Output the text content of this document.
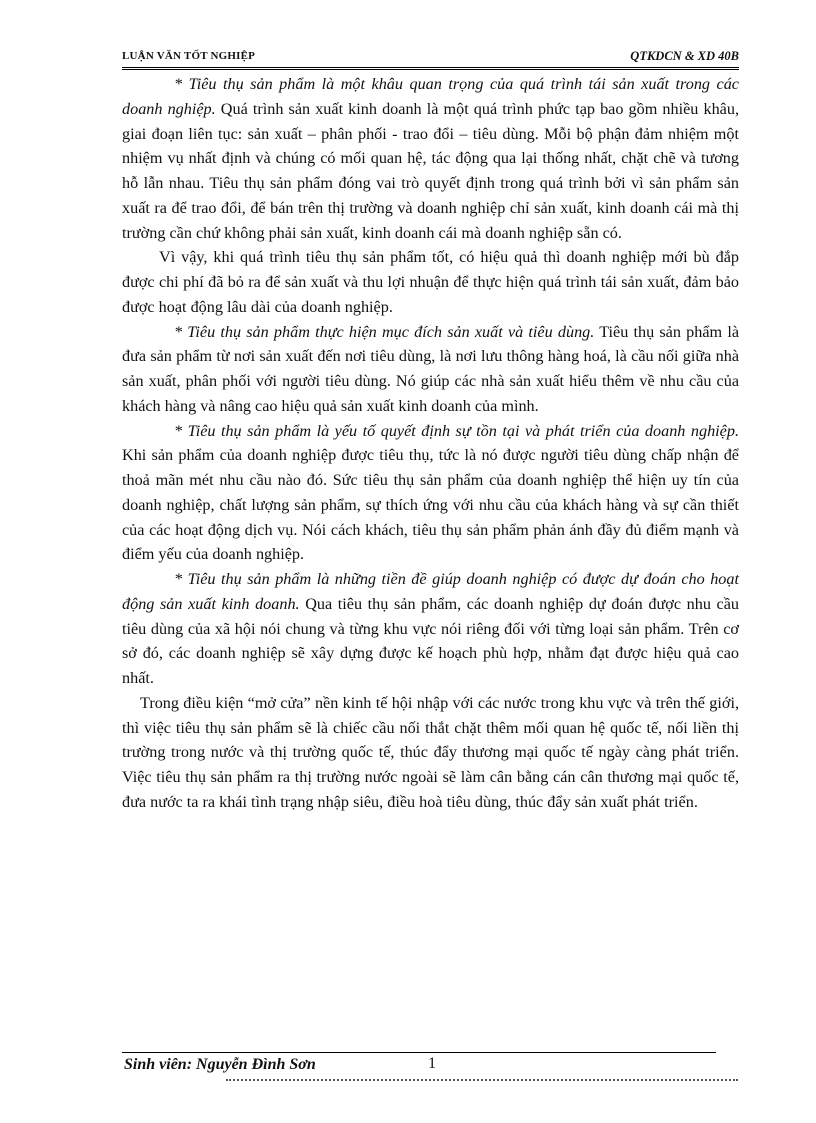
LUẬN VĂN TỐT NGHIỆP	QTKDCN & XD 40B

* Tiêu thụ sản phẩm là một khâu quan trọng của quá trình tái sản xuất trong các doanh nghiệp. Quá trình sản xuất kinh doanh là một quá trình phức tạp bao gồm nhiều khâu, giai đoạn liên tục: sản xuất – phân phối - trao đổi – tiêu dùng. Mỗi bộ phận đảm nhiệm một nhiệm vụ nhất định và chúng có mối quan hệ, tác động qua lại thống nhất, chặt chẽ và tương hỗ lẫn nhau. Tiêu thụ sản phẩm đóng vai trò quyết định trong quá trình bởi vì sản phẩm sản xuất ra để trao đổi, để bán trên thị trường và doanh nghiệp chỉ sản xuất, kinh doanh cái mà thị trường cần chứ không phải sản xuất, kinh doanh cái mà doanh nghiệp sẵn có.

Vì vậy, khi quá trình tiêu thụ sản phẩm tốt, có hiệu quả thì doanh nghiệp mới bù đắp được chi phí đã bỏ ra để sản xuất và thu lợi nhuận để thực hiện quá trình tái sản xuất, đảm bảo được hoạt động lâu dài của doanh nghiệp.

* Tiêu thụ sản phẩm thực hiện mục đích sản xuất và tiêu dùng. Tiêu thụ sản phẩm là đưa sản phẩm từ nơi sản xuất đến nơi tiêu dùng, là nơi lưu thông hàng hoá, là cầu nối giữa nhà sản xuất, phân phối với người tiêu dùng. Nó giúp các nhà sản xuất hiểu thêm về nhu cầu của khách hàng và nâng cao hiệu quả sản xuất kinh doanh của mình.

* Tiêu thụ sản phẩm là yếu tố quyết định sự tồn tại và phát triển của doanh nghiệp. Khi sản phẩm của doanh nghiệp được tiêu thụ, tức là nó được người tiêu dùng chấp nhận để thoả mãn mét nhu cầu nào đó. Sức tiêu thụ sản phẩm của doanh nghiệp thể hiện uy tín của doanh nghiệp, chất lượng sản phẩm, sự thích ứng với nhu cầu của khách hàng và sự cần thiết của các hoạt động dịch vụ. Nói cách khách, tiêu thụ sản phẩm phản ánh đầy đủ điểm mạnh và điểm yếu của doanh nghiệp.

* Tiêu thụ sản phẩm là những tiền đề giúp doanh nghiệp có được dự đoán cho hoạt động sản xuất kinh doanh. Qua tiêu thụ sản phẩm, các doanh nghiệp dự đoán được nhu cầu tiêu dùng của xã hội nói chung và từng khu vực nói riêng đối với từng loại sản phẩm. Trên cơ sở đó, các doanh nghiệp sẽ xây dựng được kế hoạch phù hợp, nhằm đạt được hiệu quả cao nhất.

Trong điều kiện “mở cửa” nền kinh tế hội nhập với các nước trong khu vực và trên thế giới, thì việc tiêu thụ sản phẩm sẽ là chiếc cầu nối thắt chặt thêm mối quan hệ quốc tế, nối liền thị trường trong nước và thị trường quốc tế, thúc đẩy thương mại quốc tế ngày càng phát triển. Việc tiêu thụ sản phẩm ra thị trường nước ngoài sẽ làm cân bằng cán cân thương mại quốc tế, đưa nước ta ra khái tình trạng nhập siêu, điều hoà tiêu dùng, thúc đẩy sản xuất phát triển.

Sinh viên: Nguyễn Đình Sơn	1
